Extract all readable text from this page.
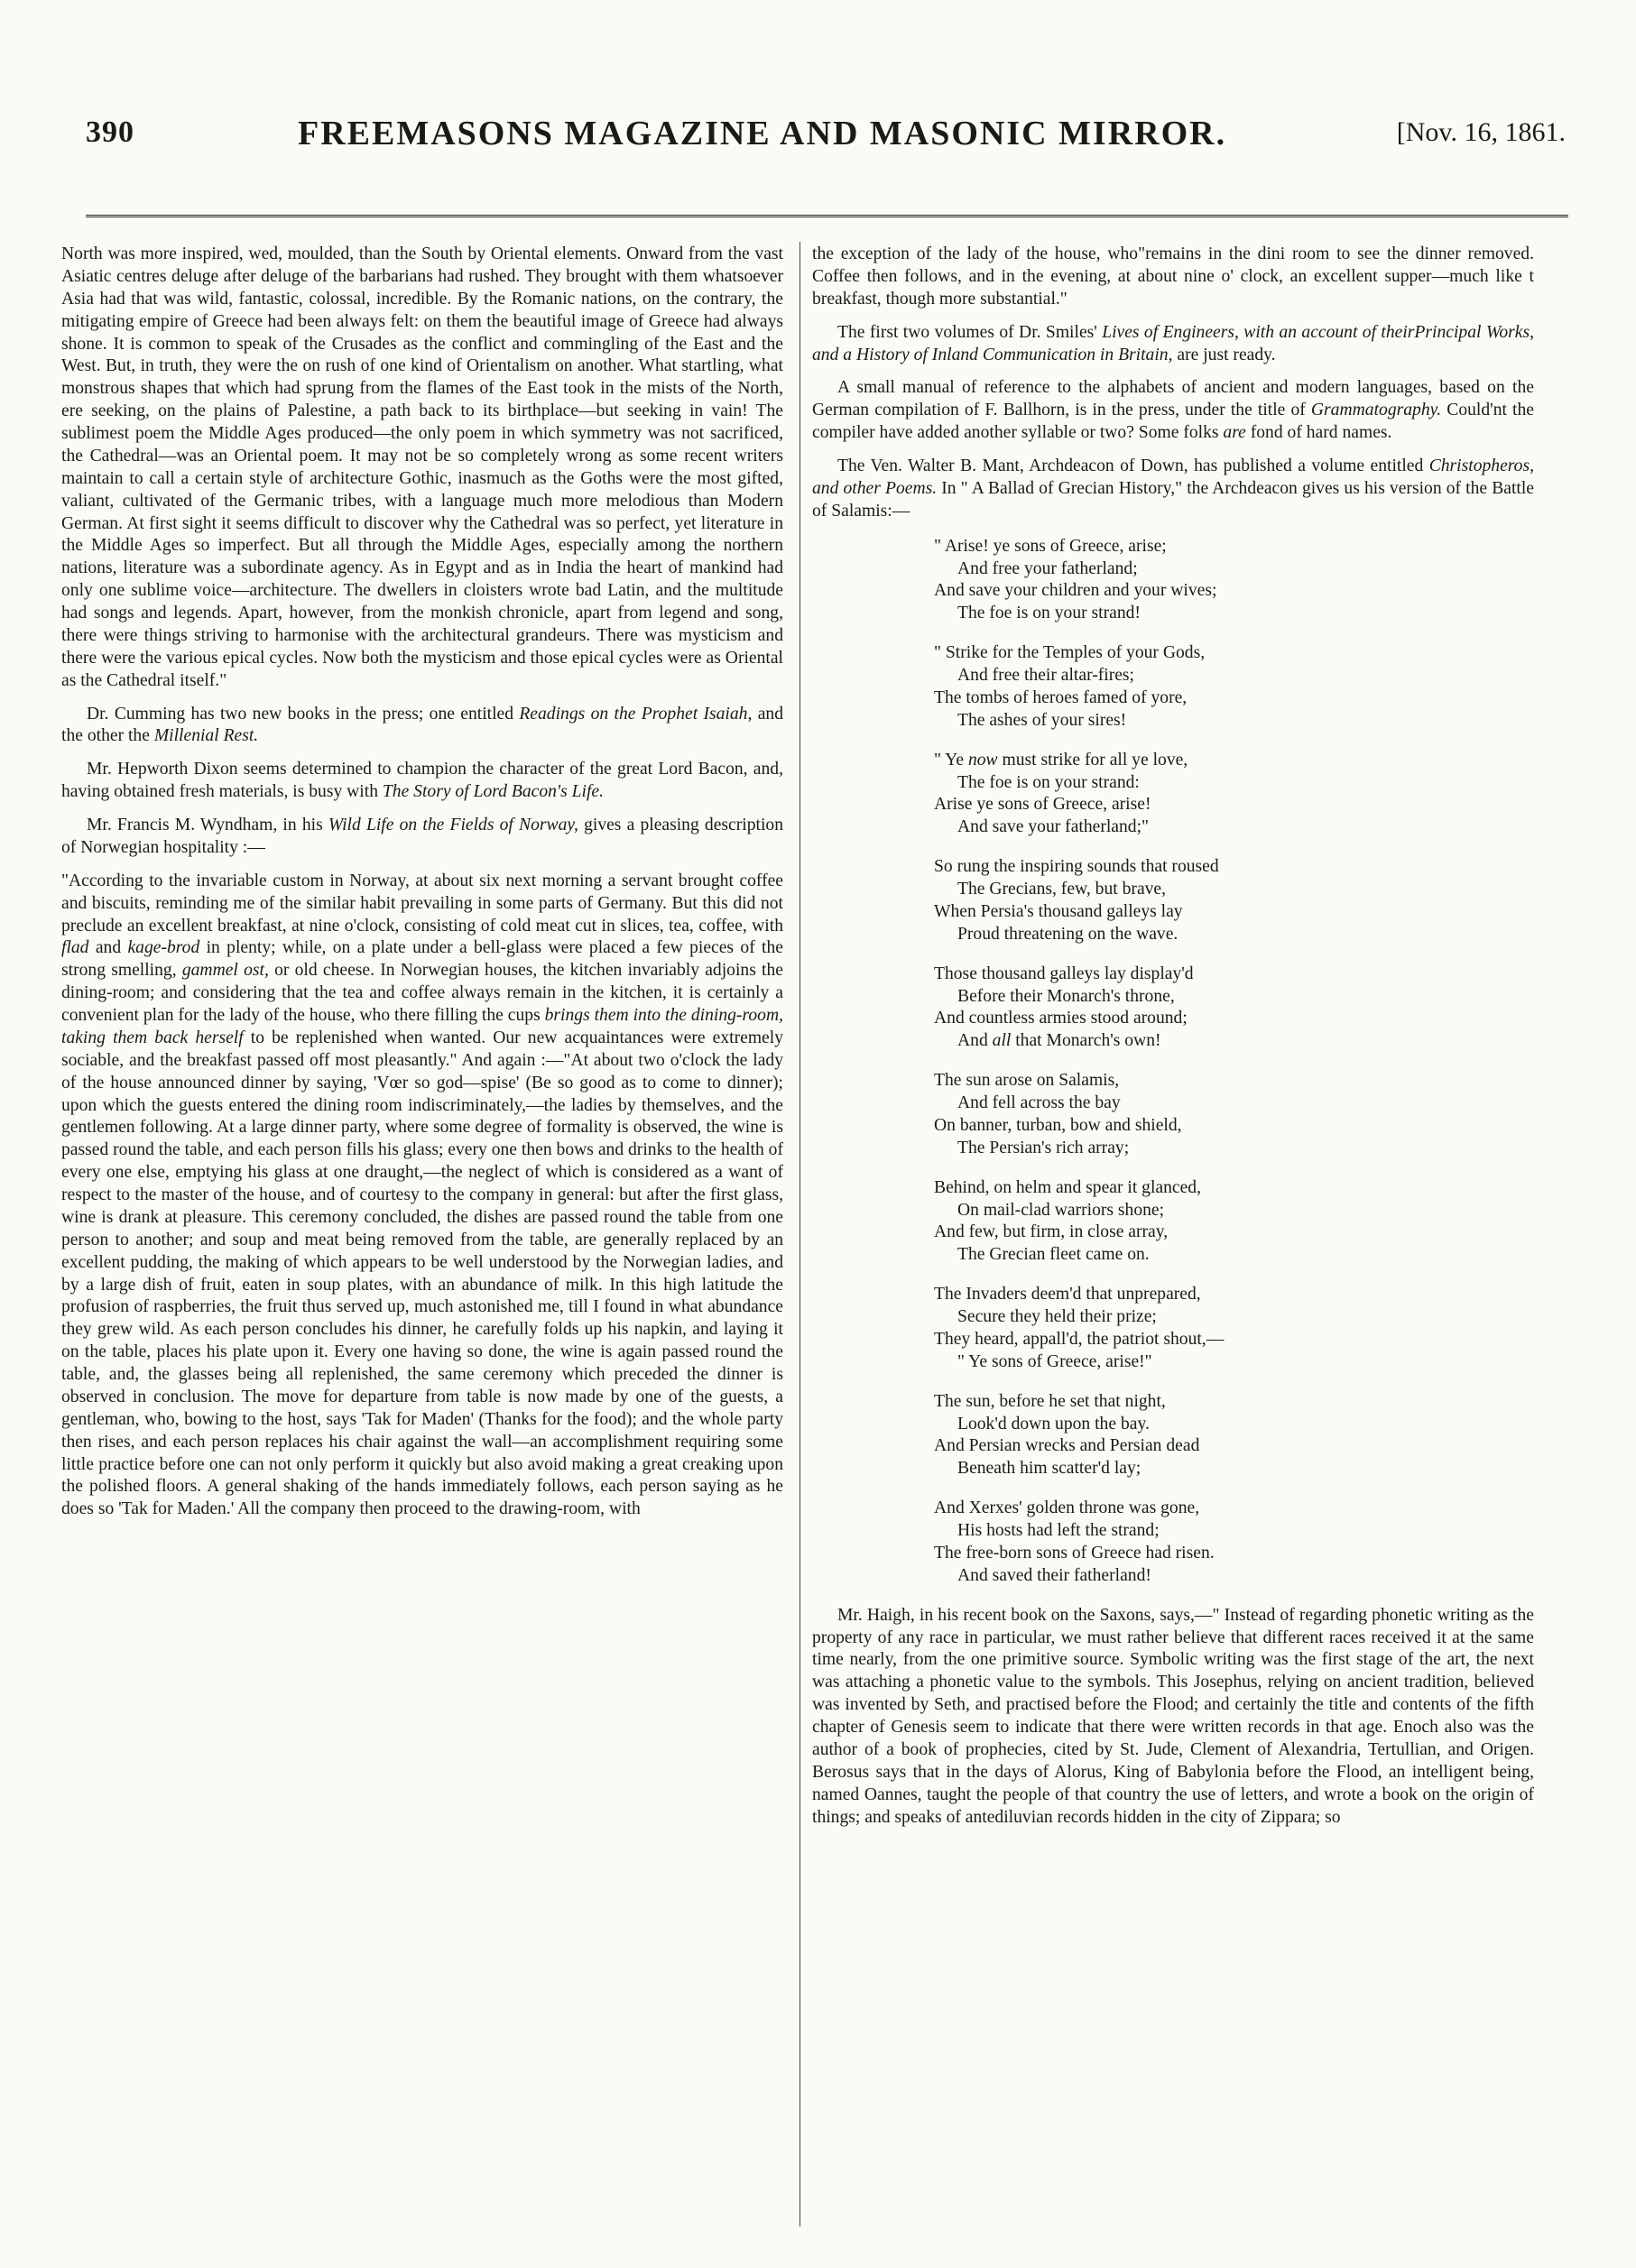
390	FREEMASONS MAGAZINE AND MASONIC MIRROR.	[Nov. 16, 1861.

North was more inspired, wed, moulded, than the South by Oriental elements. Onward from the vast Asiatic centres deluge after deluge of the barbarians had rushed. They brought with them whatsoever Asia had that was wild, fantastic, colossal, incredible. By the Romanic nations, on the contrary, the mitigating empire of Greece had been always felt: on them the beautiful image of Greece had always shone. It is common to speak of the Crusades as the conflict and commingling of the East and the West. But, in truth, they were the on rush of one kind of Orientalism on another. What startling, what monstrous shapes that which had sprung from the flames of the East took in the mists of the North, ere seeking, on the plains of Palestine, a path back to its birthplace—but seeking in vain! The sublimest poem the Middle Ages produced—the only poem in which symmetry was not sacrificed, the Cathedral—was an Oriental poem. It may not be so completely wrong as some recent writers maintain to call a certain style of architecture Gothic, inasmuch as the Goths were the most gifted, valiant, cultivated of the Germanic tribes, with a language much more melodious than Modern German. At first sight it seems difficult to discover why the Cathedral was so perfect, yet literature in the Middle Ages so imperfect. But all through the Middle Ages, especially among the northern nations, literature was a subordinate agency. As in Egypt and as in India the heart of mankind had only one sublime voice—architecture. The dwellers in cloisters wrote bad Latin, and the multitude had songs and legends. Apart, however, from the monkish chronicle, apart from legend and song, there were things striving to harmonise with the architectural grandeurs. There was mysticism and there were the various epical cycles. Now both the mysticism and those epical cycles were as Oriental as the Cathedral itself."

Dr. Cumming has two new books in the press; one entitled Readings on the Prophet Isaiah, and the other the Millenial Rest.

Mr. Hepworth Dixon seems determined to champion the character of the great Lord Bacon, and, having obtained fresh materials, is busy with The Story of Lord Bacon's Life.

Mr. Francis M. Wyndham, in his Wild Life on the Fields of Norway, gives a pleasing description of Norwegian hospitality :—

"According to the invariable custom in Norway, at about six next morning a servant brought coffee and biscuits, reminding me of the similar habit prevailing in some parts of Germany. But this did not preclude an excellent breakfast, at nine o'clock, consisting of cold meat cut in slices, tea, coffee, with flad and kage-brod in plenty; while, on a plate under a bell-glass were placed a few pieces of the strong smelling, gammel ost, or old cheese. In Norwegian houses, the kitchen invariably adjoins the dining-room; and considering that the tea and coffee always remain in the kitchen, it is certainly a convenient plan for the lady of the house, who there filling the cups brings them into the dining-room, taking them back herself to be replenished when wanted. Our new acquaintances were extremely sociable, and the breakfast passed off most pleasantly." And again :—"At about two o'clock the lady of the house announced dinner by saying, 'Vœr so god—spise' (Be so good as to come to dinner); upon which the guests entered the dining room indiscriminately,—the ladies by themselves, and the gentlemen following. At a large dinner party, where some degree of formality is observed, the wine is passed round the table, and each person fills his glass; every one then bows and drinks to the health of every one else, emptying his glass at one draught,—the neglect of which is considered as a want of respect to the master of the house, and of courtesy to the company in general: but after the first glass, wine is drank at pleasure. This ceremony concluded, the dishes are passed round the table from one person to another; and soup and meat being removed from the table, are generally replaced by an excellent pudding, the making of which appears to be well understood by the Norwegian ladies, and by a large dish of fruit, eaten in soup plates, with an abundance of milk. In this high latitude the profusion of raspberries, the fruit thus served up, much astonished me, till I found in what abundance they grew wild. As each person concludes his dinner, he carefully folds up his napkin, and laying it on the table, places his plate upon it. Every one having so done, the wine is again passed round the table, and, the glasses being all replenished, the same ceremony which preceded the dinner is observed in conclusion. The move for departure from table is now made by one of the guests, a gentleman, who, bowing to the host, says 'Tak for Maden' (Thanks for the food); and the whole party then rises, and each person replaces his chair against the wall—an accomplishment requiring some little practice before one can not only perform it quickly but also avoid making a great creaking upon the polished floors. A general shaking of the hands immediately follows, each person saying as he does so 'Tak for Maden.' All the company then proceed to the drawing-room, with

the exception of the lady of the house, who"remains in the dini room to see the dinner removed. Coffee then follows, and in the evening, at about nine o' clock, an excellent supper—much like t breakfast, though more substantial."

The first two volumes of Dr. Smiles' Lives of Engineers, with an account of theirPrincipal Works, and a History of Inland Communication in Britain, are just ready.

A small manual of reference to the alphabets of ancient and modern languages, based on the German compilation of F. Ballhorn, is in the press, under the title of Grammatography. Could'nt the compiler have added another syllable or two? Some folks are fond of hard names.

The Ven. Walter B. Mant, Archdeacon of Down, has published a volume entitled Christopheros, and other Poems. In " A Ballad of Grecian History," the Archdeacon gives us his version of the Battle of Salamis:—

" Arise! ye sons of Greece, arise;
And free your fatherland;
And save your children and your wives;
The foe is on your strand!
" Strike for the Temples of your Gods,
And free their altar-fires;
The tombs of heroes famed of yore,
The ashes of your sires!
" Ye now must strike for all ye love,
The foe is on your strand:
Arise ye sons of Greece, arise!
And save your fatherland;"
So rung the inspiring sounds that roused
The Grecians, few, but brave,
When Persia's thousand galleys lay
Proud threatening on the wave.
Those thousand galleys lay display'd
Before their Monarch's throne,
And countless armies stood around;
And all that Monarch's own!
The sun arose on Salamis,
And fell across the bay
On banner, turban, bow and shield,
The Persian's rich array;
Behind, on helm and spear it glanced,
On mail-clad warriors shone;
And few, but firm, in close array,
The Grecian fleet came on.
The Invaders deem'd that unprepared,
Secure they held their prize;
They heard, appall'd, the patriot shout,—
" Ye sons of Greece, arise!"
The sun, before he set that night,
Look'd down upon the bay.
And Persian wrecks and Persian dead
Beneath him scatter'd lay;
And Xerxes' golden throne was gone,
His hosts had left the strand;
The free-born sons of Greece had risen.
And saved their fatherland!

Mr. Haigh, in his recent book on the Saxons, says,—" Instead of regarding phonetic writing as the property of any race in particular, we must rather believe that different races received it at the same time nearly, from the one primitive source. Symbolic writing was the first stage of the art, the next was attaching a phonetic value to the symbols. This Josephus, relying on ancient tradition, believed was invented by Seth, and practised before the Flood; and certainly the title and contents of the fifth chapter of Genesis seem to indicate that there were written records in that age. Enoch also was the author of a book of prophecies, cited by St. Jude, Clement of Alexandria, Tertullian, and Origen. Berosus says that in the days of Alorus, King of Babylonia before the Flood, an intelligent being, named Oannes, taught the people of that country the use of letters, and wrote a book on the origin of things; and speaks of antediluvian records hidden in the city of Zippara; so
